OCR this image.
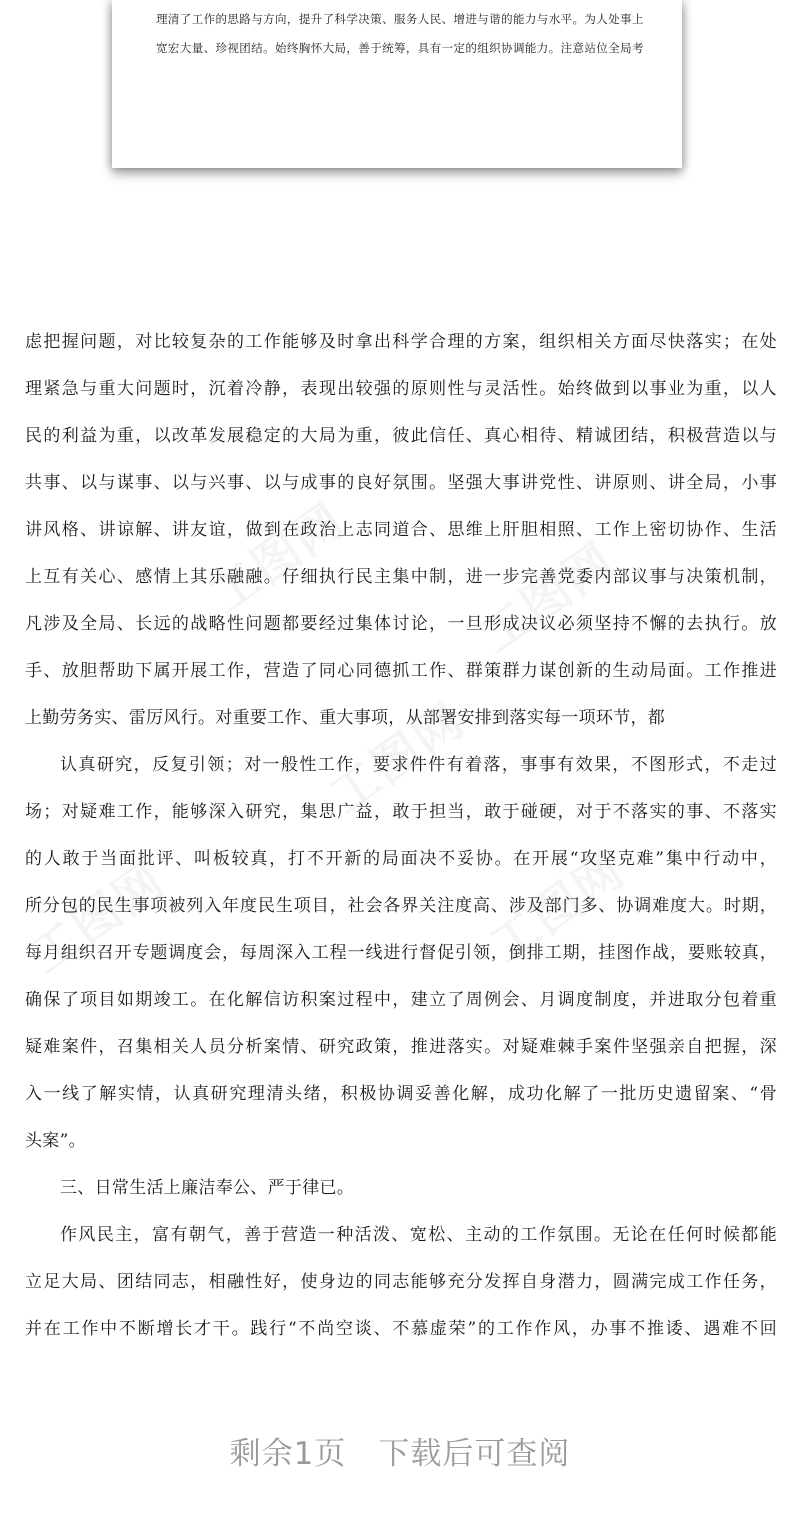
理清了工作的思路与方向，提升了科学决策、服务人民、增进与谐的能力与水平。为人处事上

宽宏大量、珍视团结。始终胸怀大局，善于统筹，具有一定的组织协调能力。注意站位全局考

虑把握问题，对比较复杂的工作能够及时拿出科学合理的方案，组织相关方面尽快落实；在处
理紧急与重大问题时，沉着冷静，表现出较强的原则性与灵活性。始终做到以事业为重，以人
民的利益为重，以改革发展稳定的大局为重，彼此信任、真心相待、精诚团结，积极营造以与
共事、以与谋事、以与兴事、以与成事的良好氛围。坚强大事讲党性、讲原则、讲全局，小事
讲风格、讲谅解、讲友谊，做到在政治上志同道合、思维上肝胆相照、工作上密切协作、生活
上互有关心、感情上其乐融融。仔细执行民主集中制，进一步完善党委内部议事与决策机制，
凡涉及全局、长远的战略性问题都要经过集体讨论，一旦形成决议必须坚持不懈的去执行。放
手、放胆帮助下属开展工作，营造了同心同德抓工作、群策群力谋创新的生动局面。工作推进
上勤劳务实、雷厉风行。对重要工作、重大事项，从部署安排到落实每一项环节，都
认真研究，反复引领；对一般性工作，要求件件有着落，事事有效果，不图形式，不走过
场；对疑难工作，能够深入研究，集思广益，敢于担当，敢于碰硬，对于不落实的事、不落实
的人敢于当面批评、叫板较真，打不开新的局面决不妥协。在开展“攻坚克难”集中行动中，
所分包的民生事项被列入年度民生项目，社会各界关注度高、涉及部门多、协调难度大。时期，
每月组织召开专题调度会，每周深入工程一线进行督促引领，倒排工期，挂图作战，要账较真，
确保了项目如期竣工。在化解信访积案过程中，建立了周例会、月调度制度，并进取分包着重
疑难案件，召集相关人员分析案情、研究政策，推进落实。对疑难棘手案件坚强亲自把握，深
入一线了解实情，认真研究理清头绪，积极协调妥善化解，成功化解了一批历史遗留案、“骨
头案”。
三、日常生活上廉洁奉公、严于律已。
作风民主，富有朝气，善于营造一种活泼、宽松、主动的工作氛围。无论在任何时候都能
立足大局、团结同志，相融性好，使身边的同志能够充分发挥自身潜力，圆满完成工作任务，
并在工作中不断增长才干。践行“不尚空谈、不慕虚荣”的工作作风，办事不推诿、遇难不回
剩余1页　下载后可查阅
